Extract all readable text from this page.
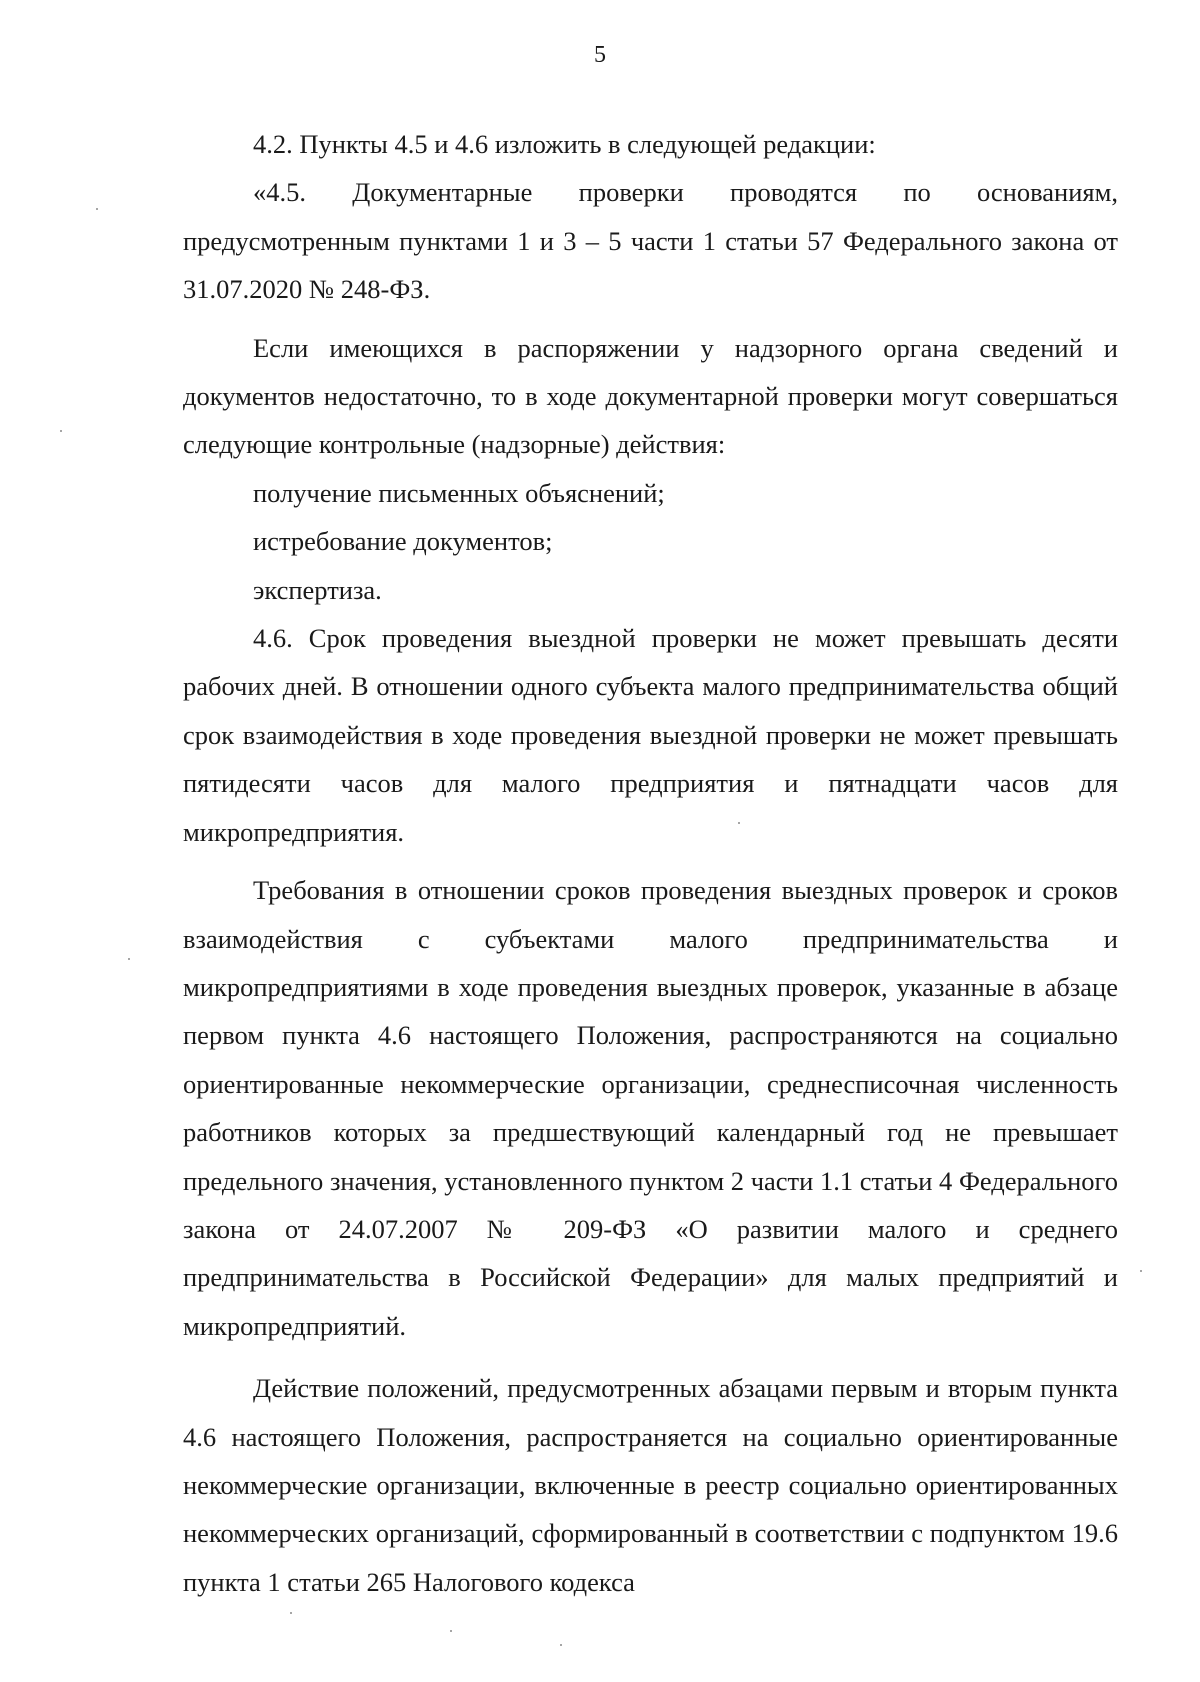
5

4.2. Пункты 4.5 и 4.6 изложить в следующей редакции:

«4.5. Документарные проверки проводятся по основаниям, предусмотренным пунктами 1 и 3 – 5 части 1 статьи 57 Федерального закона от 31.07.2020 № 248-ФЗ.

Если имеющихся в распоряжении у надзорного органа сведений и документов недостаточно, то в ходе документарной проверки могут совершаться следующие контрольные (надзорные) действия:

получение письменных объяснений;

истребование документов;

экспертиза.

4.6. Срок проведения выездной проверки не может превышать десяти рабочих дней. В отношении одного субъекта малого предпринимательства общий срок взаимодействия в ходе проведения выездной проверки не может превышать пятидесяти часов для малого предприятия и пятнадцати часов для микропредприятия.

Требования в отношении сроков проведения выездных проверок и сроков взаимодействия с субъектами малого предпринимательства и микропредприятиями в ходе проведения выездных проверок, указанные в абзаце первом пункта 4.6 настоящего Положения, распространяются на социально ориентированные некоммерческие организации, среднесписочная численность работников которых за предшествующий календарный год не превышает предельного значения, установленного пунктом 2 части 1.1 статьи 4 Федерального закона от 24.07.2007 № 209-ФЗ «О развитии малого и среднего предпринимательства в Российской Федерации» для малых предприятий и микропредприятий.

Действие положений, предусмотренных абзацами первым и вторым пункта 4.6 настоящего Положения, распространяется на социально ориентированные некоммерческие организации, включенные в реестр социально ориентированных некоммерческих организаций, сформированный в соответствии с подпунктом 19.6 пункта 1 статьи 265 Налогового кодекса
